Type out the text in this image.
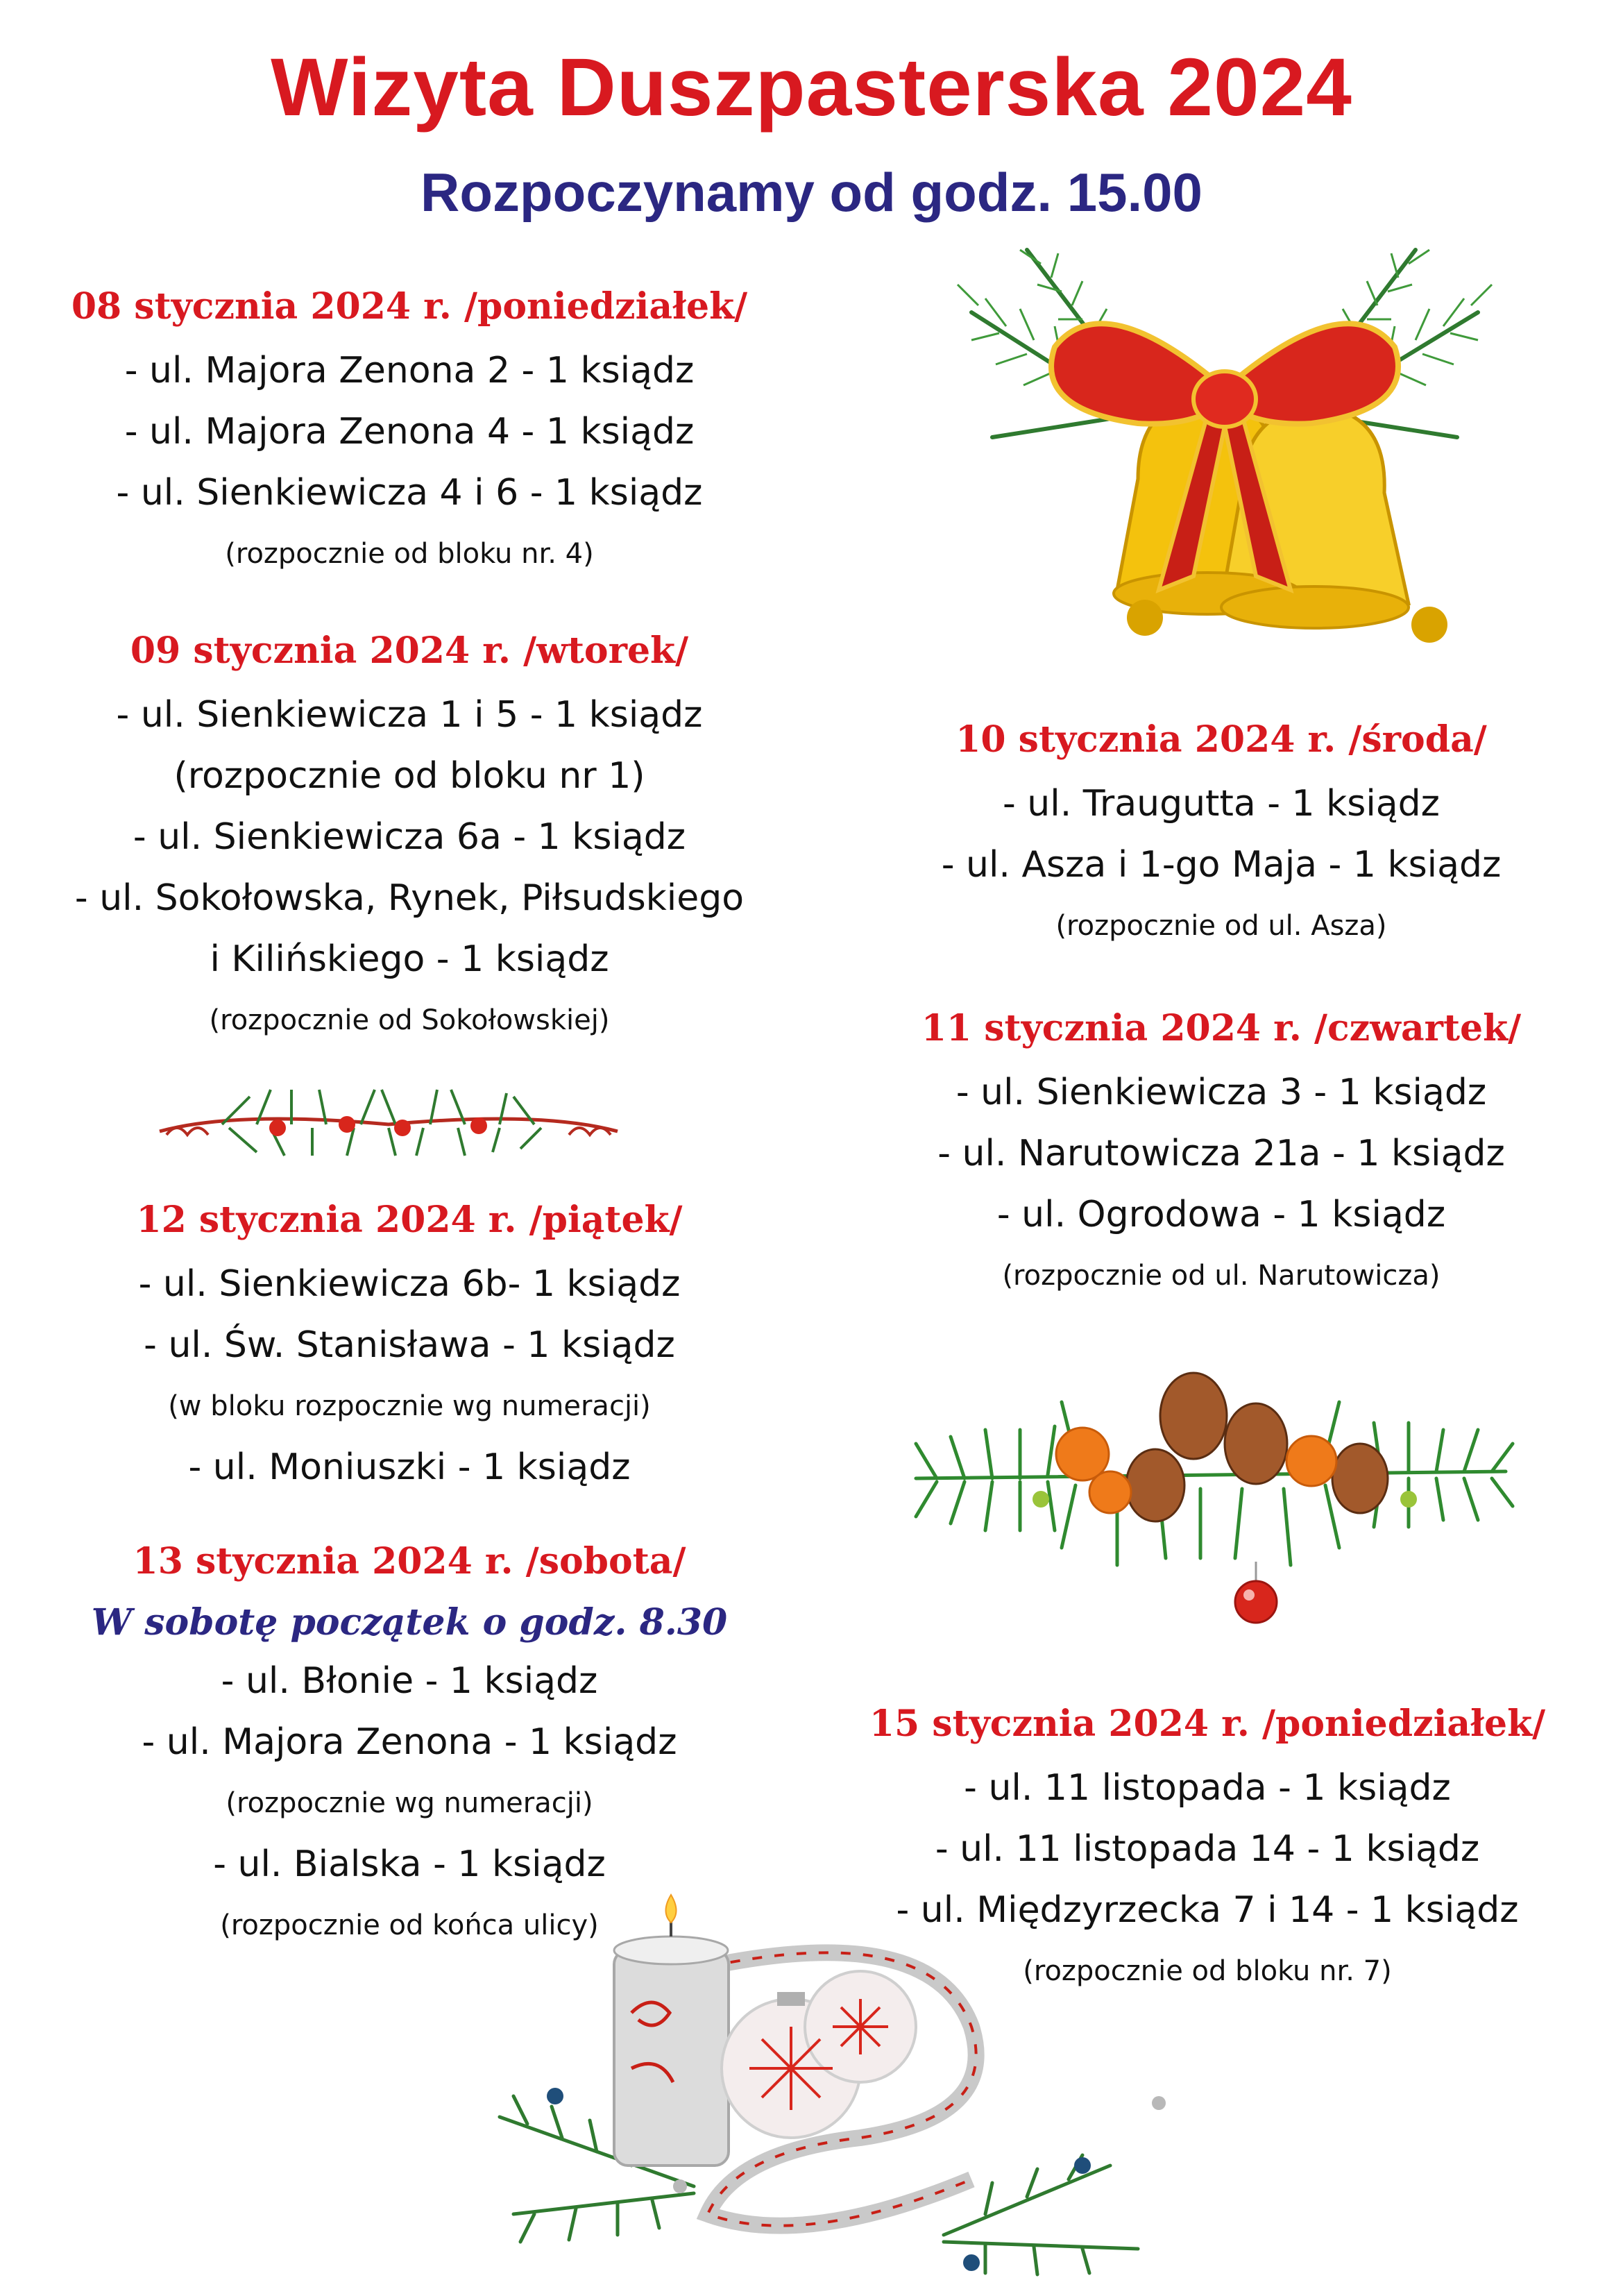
Wizyta Duszpasterska 2024
Rozpoczynamy od godz. 15.00
08 stycznia 2024 r. /poniedziałek/
- ul. Majora Zenona 2 - 1 ksiądz
- ul. Majora Zenona 4 - 1 ksiądz
- ul. Sienkiewicza 4 i 6 - 1 ksiądz
(rozpocznie od bloku nr. 4)
09 stycznia 2024 r. /wtorek/
- ul. Sienkiewicza 1 i 5 - 1 ksiądz
(rozpocznie od bloku nr 1)
- ul. Sienkiewicza 6a - 1 ksiądz
- ul. Sokołowska, Rynek, Piłsudskiego
i Kilińskiego - 1 ksiądz
(rozpocznie od Sokołowskiej)
10 stycznia 2024 r. /środa/
- ul. Traugutta - 1 ksiądz
- ul. Asza i 1-go Maja - 1 ksiądz
(rozpocznie od ul. Asza)
11 stycznia 2024 r. /czwartek/
- ul. Sienkiewicza 3 - 1 ksiądz
- ul. Narutowicza 21a - 1 ksiądz
- ul. Ogrodowa - 1 ksiądz
(rozpocznie od ul. Narutowicza)
12 stycznia 2024 r. /piątek/
- ul. Sienkiewicza 6b- 1 ksiądz
- ul. Św. Stanisława - 1 ksiądz
(w bloku rozpocznie wg numeracji)
- ul. Moniuszki - 1 ksiądz
13 stycznia 2024 r. /sobota/
W sobotę początek o godz. 8.30
- ul. Błonie - 1 ksiądz
- ul. Majora Zenona - 1 ksiądz
(rozpocznie wg numeracji)
- ul. Bialska - 1 ksiądz
(rozpocznie od końca ulicy)
15 stycznia 2024 r. /poniedziałek/
- ul. 11 listopada - 1 ksiądz
- ul. 11 listopada 14 - 1 ksiądz
- ul. Międzyrzecka 7 i 14 - 1 ksiądz
(rozpocznie od bloku nr. 7)
